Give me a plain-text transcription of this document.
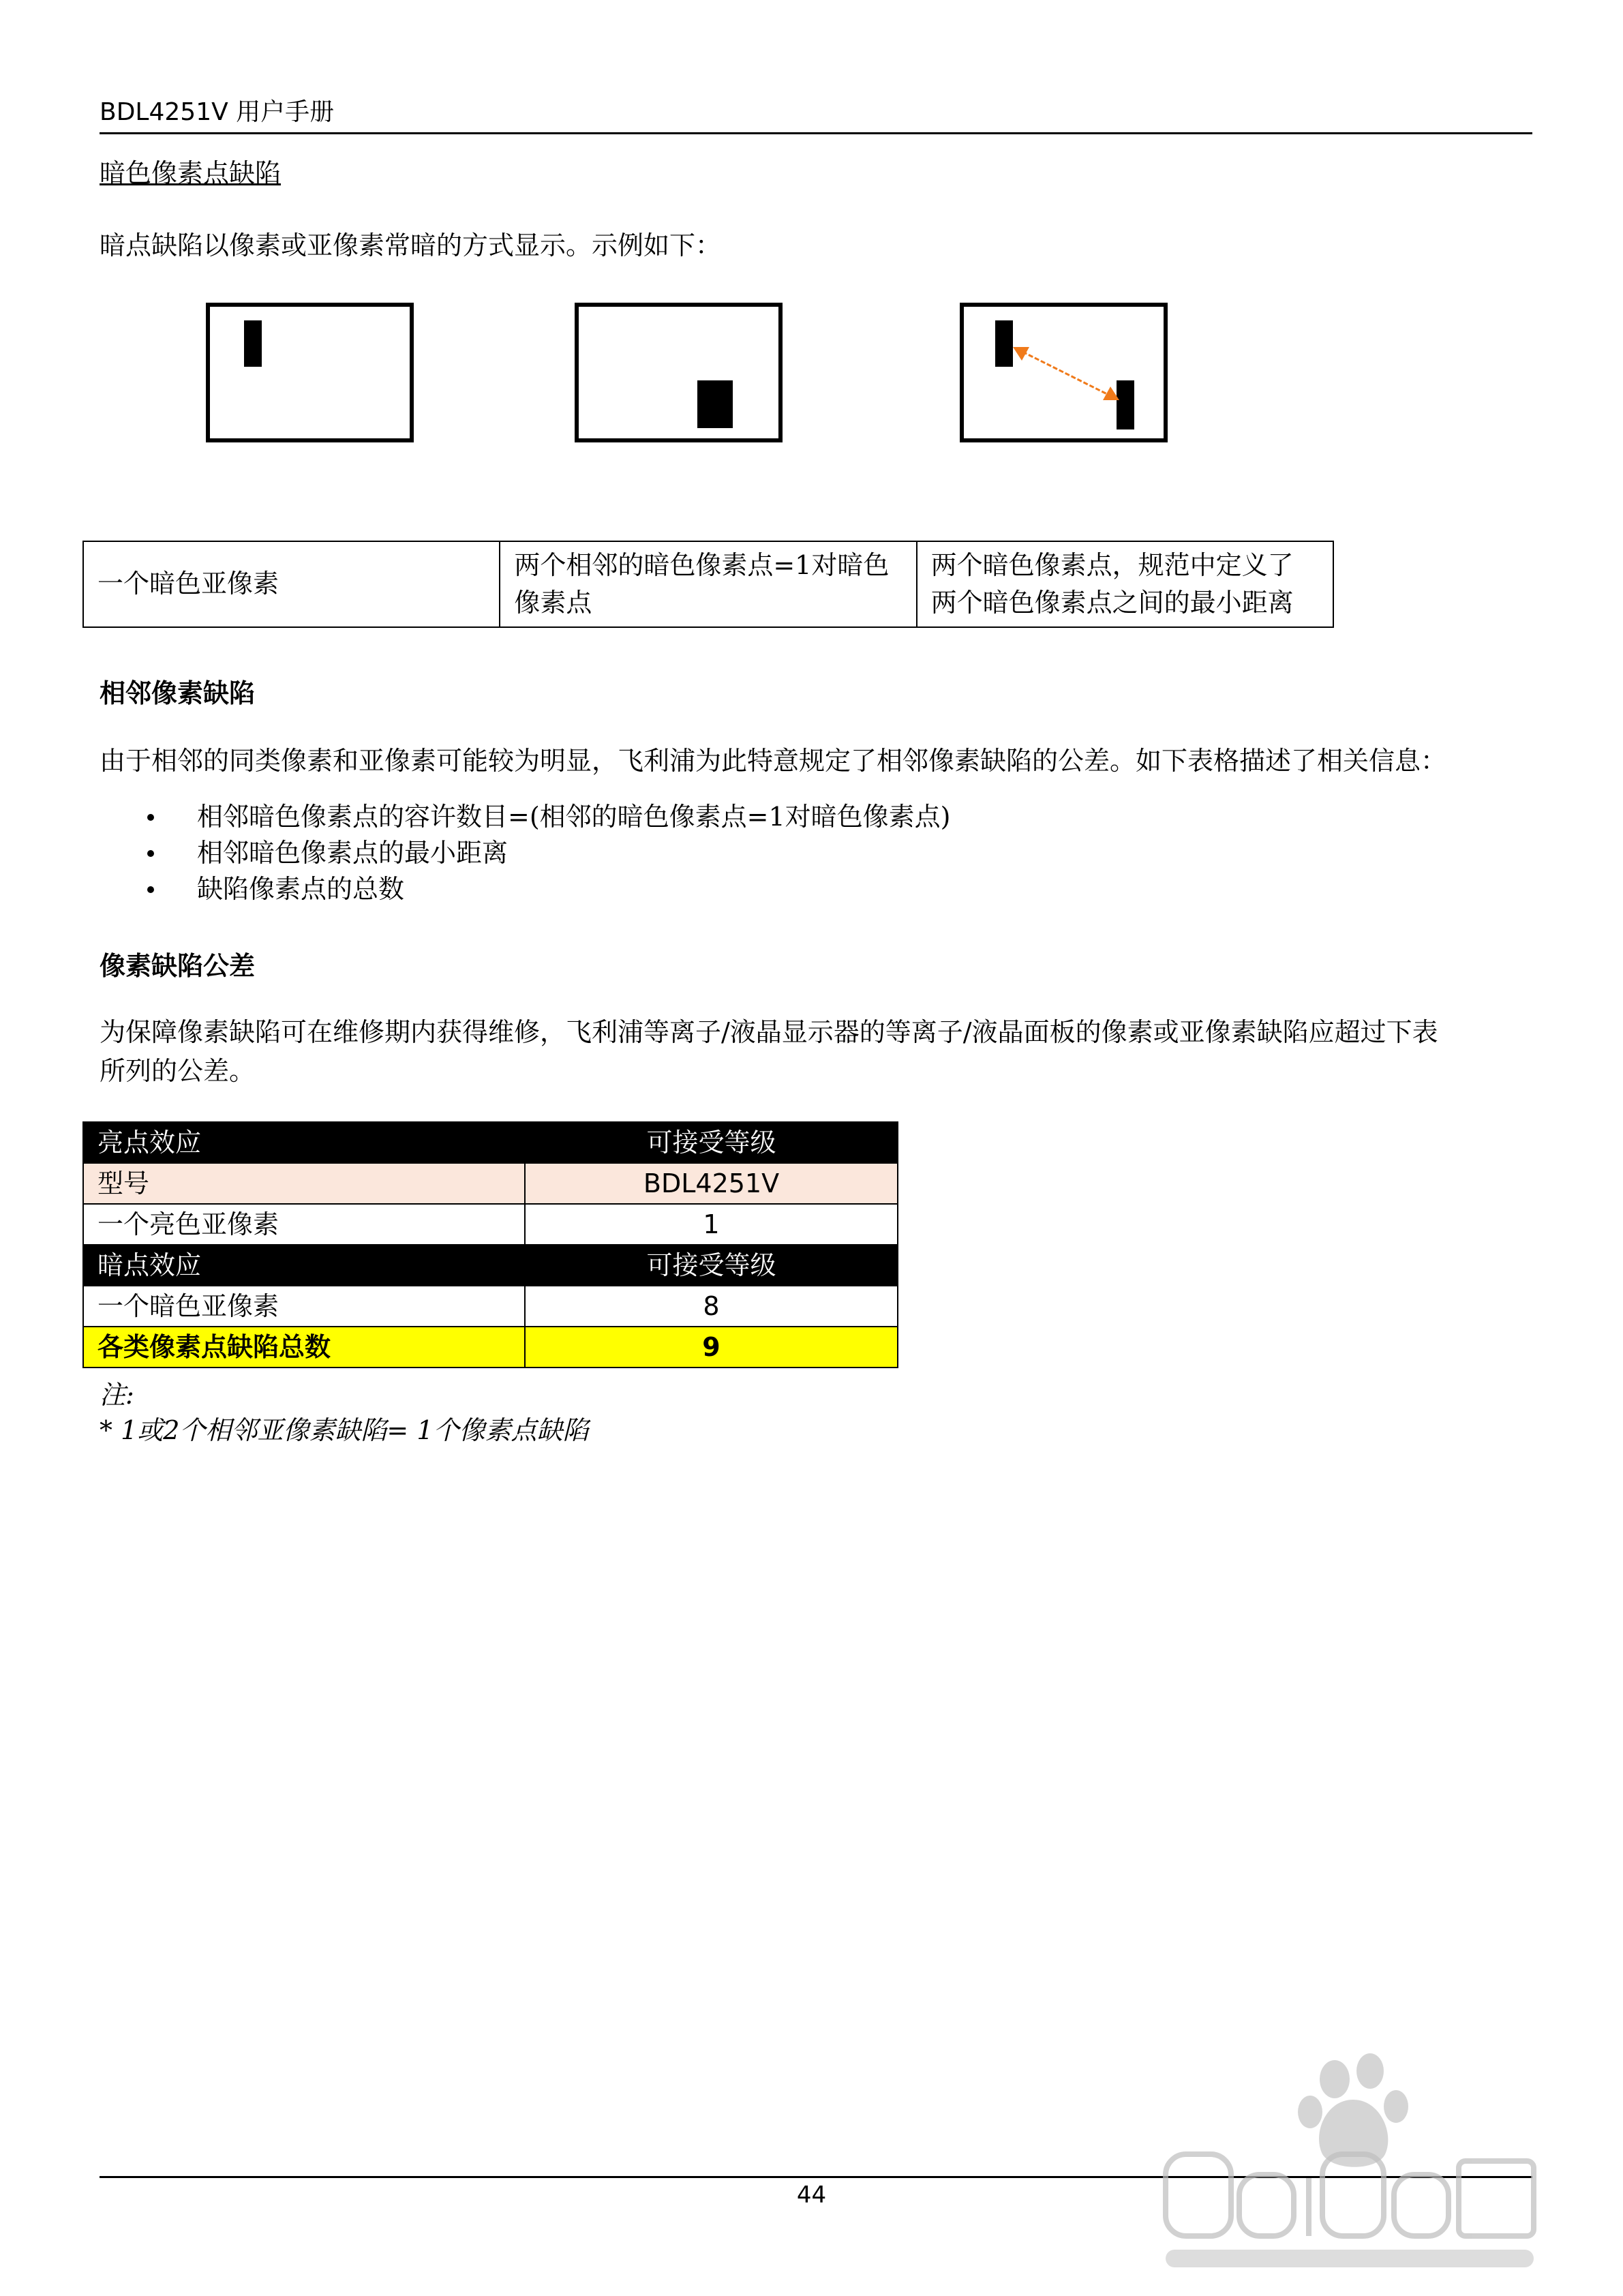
BDL4251V 用户手册
暗色像素点缺陷
暗点缺陷以像素或亚像素常暗的方式显示。示例如下：
一个暗色亚像素	两个相邻的暗色像素点=1对暗色像素点	两个暗色像素点，规范中定义了两个暗色像素点之间的最小距离
相邻像素缺陷
由于相邻的同类像素和亚像素可能较为明显，飞利浦为此特意规定了相邻像素缺陷的公差。如下表格描述了相关信息：
相邻暗色像素点的容许数目=(相邻的暗色像素点=1对暗色像素点)
相邻暗色像素点的最小距离
缺陷像素点的总数
像素缺陷公差
为保障像素缺陷可在维修期内获得维修，飞利浦等离子/液晶显示器的等离子/液晶面板的像素或亚像素缺陷应超过下表
所列的公差。
亮点效应	可接受等级
型号	BDL4251V
一个亮色亚像素	1
暗点效应	可接受等级
一个暗色亚像素	8
各类像素点缺陷总数	9
注:
* 1或2个相邻亚像素缺陷= 1个像素点缺陷
44
